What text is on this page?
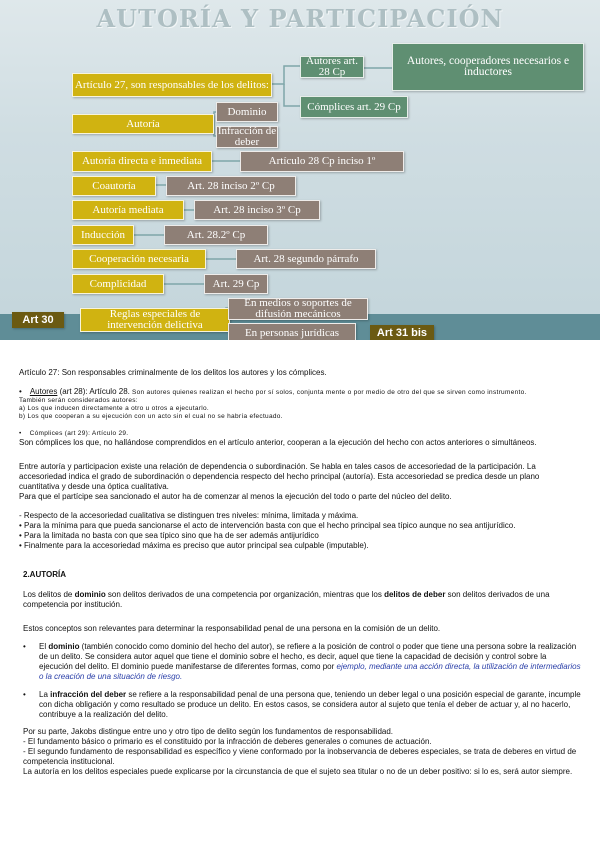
AUTORÍA Y PARTICIPACIÓN
Artículo 27, son responsables de los delitos:
Autores art. 28 Cp
Autores, cooperadores necesarios e inductores
Cómplices art. 29 Cp
Autoría
Dominio
Infracción de deber
Autoría directa e inmediata	Artículo 28 Cp inciso 1º
Coautoría	Art. 28 inciso 2º Cp
Autoría mediata	Art. 28 inciso 3º Cp
Inducción	Art. 28.2º Cp
Cooperación necesaria	Art. 28 segundo párrafo
Complicidad	Art. 29 Cp
Art 30	Reglas especiales de intervención delictiva
En medios o soportes de difusión mecánicos
En personas jurídicas	Art 31 bis

Artículo 27: Son responsables criminalmente de los delitos los autores y los cómplices.

• Autores (art 28): Artículo 28. Son autores quienes realizan el hecho por sí solos, conjunta mente o por medio de otro del que se sirven como instrumento.

También serán considerados autores:

a) Los que inducen directamente a otro u otros a ejecutarlo.

b) Los que cooperan a su ejecución con un acto sin el cual no se habría efectuado.

• Cómplices (art 29): Artículo 29.

Son cómplices los que, no hallándose comprendidos en el artículo anterior, cooperan a la ejecución del hecho con actos anteriores o simultáneos.

Entre autoría y participacion existe una relación de dependencia o subordinación. Se habla en tales casos de accesoriedad de la participación. La

accesoriedad indica el grado de subordinación o dependencia respecto del hecho principal (autoría). Esta accesoriedad se predica desde un plano

cuantitativa y desde una óptica cualitativa.

Para que el partícipe sea sancionado el autor ha de comenzar al menos la ejecución del todo o parte del núcleo del delito.

- Respecto de la accesoriedad cualitativa se distinguen tres niveles: mínima, limitada y máxima.

• Para la mínima para que pueda sancionarse el acto de intervención basta con que el hecho principal sea típico aunque no sea antijurídico.

• Para la limitada no basta con que sea típico sino que ha de ser además antijurídico

• Finalmente para la accesoriedad máxima es preciso que autor principal sea culpable (imputable).

2.AUTORÍA

Los delitos de dominio son delitos derivados de una competencia por organización, mientras que los delitos de deber son delitos derivados de una competencia por institución.

Estos conceptos son relevantes para determinar la responsabilidad penal de una persona en la comisión de un delito.

•	El dominio (también conocido como dominio del hecho del autor), se refiere a la posición de control o poder que tiene una persona sobre la realización de un delito. Se considera autor aquel que tiene el dominio sobre el hecho, es decir, aquel que tiene la capacidad de decisión y control sobre la ejecución del delito. El dominio puede manifestarse de diferentes formas, como por ejemplo, mediante una acción directa, la utilización de intermediarios o la creación de una situación de riesgo.

•	La infracción del deber se refiere a la responsabilidad penal de una persona que, teniendo un deber legal o una posición especial de garante, incumple con dicha obligación y como resultado se produce un delito. En estos casos, se considera autor al sujeto que tenía el deber de actuar y, al no hacerlo, contribuye a la realización del delito.

Por su parte, Jakobs distingue entre uno y otro tipo de delito según los fundamentos de responsabilidad.

- El fundamento básico o primario es el constituido por la infracción de deberes generales o comunes de actuación.

- El segundo fundamento de responsabilidad es específico y viene conformado por la inobservancia de deberes especiales, se trata de deberes en virtud de competencia institucional.

La autoría en los delitos especiales puede explicarse por la circunstancia de que el sujeto sea titular o no de un deber positivo: si lo es, será autor siempre.
